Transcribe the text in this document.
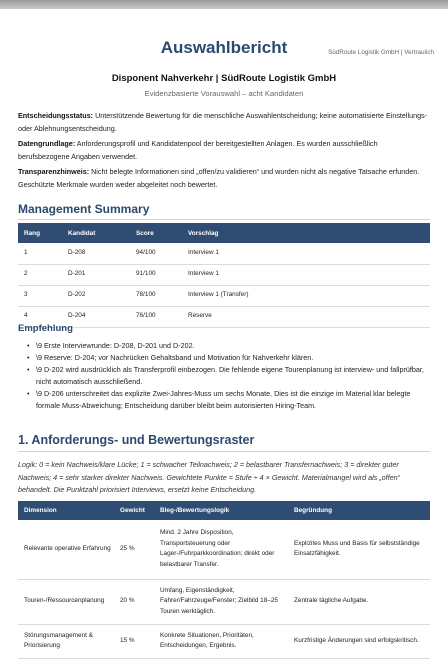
SüdRoute Logistik GmbH | Vertraulich
Auswahlbericht
Disponent Nahverkehr | SüdRoute Logistik GmbH
Evidenzbasierte Vorauswahl – acht Kandidaten
Entscheidungsstatus: Unterstützende Bewertung für die menschliche Auswahlentscheidung; keine automatisierte Einstellungs- oder Ablehnungsentscheidung.
Datengrundlage: Anforderungsprofil und Kandidatenpool der bereitgestellten Anlagen. Es wurden ausschließlich berufsbezogene Angaben verwendet.
Transparenzhinweis: Nicht belegte Informationen sind „offen/zu validieren“ und wurden nicht als negative Tatsache erfunden. Geschützte Merkmale wurden weder abgeleitet noch bewertet.
Management Summary
Rang	Kandidat	Score	Vorschlag
1	D-208	94/100	Interview 1
2	D-201	91/100	Interview 1
3	D-202	78/100	Interview 1 (Transfer)
4	D-204	76/100	Reserve
Empfehlung
• \9 Erste Interviewrunde: D-208, D-201 und D-202.
• \9 Reserve: D-204; vor Nachrücken Gehaltsband und Motivation für Nahverkehr klären.
• \9 D-202 wird ausdrücklich als Transferprofil einbezogen. Die fehlende eigene Tourenplanung ist interview- und fallprüfbar, nicht automatisch ausschließend.
• \9 D-206 unterschreitet das explizite Zwei-Jahres-Muss um sechs Monate. Dies ist die einzige im Material klar belegte formale Muss-Abweichung; Entscheidung darüber bleibt beim autorisierten Hiring-Team.
1. Anforderungs- und Bewertungsraster
Logik: 0 = kein Nachweis/klare Lücke; 1 = schwacher Teilnachweis; 2 = belastbarer Transfernachweis; 3 = direkter guter Nachweis; 4 = sehr starker direkter Nachweis. Gewichtete Punkte = Stufe ÷ 4 × Gewicht. Materialmangel wird als „offen“ behandelt. Die Punktzahl priorisiert Interviews, ersetzt keine Entscheidung.
Dimension	Gewicht	Bleg-/Bewertungslogik	Begründung
Relevante operative Erfahrung	25 %	Mind. 2 Jahre Disposition, Transportsteuerung oder Lager-/Fuhrparkkoordination; direkt oder belastbarer Transfer.	Explizites Muss und Basis für selbstständige Einsatzfähigkeit.
Touren-/Ressourcenplanung	20 %	Umfang, Eigenständigkeit, Fahrer/Fahrzeuge/Fenster; Zielbild 18–25 Touren werktäglich.	Zentrale tägliche Aufgabe.
Störungsmanagement & Priorisierung	15 %	Konkrete Situationen, Prioritäten, Entscheidungen, Ergebnis.	Kurzfristige Änderungen sind erfolgskritisch.
